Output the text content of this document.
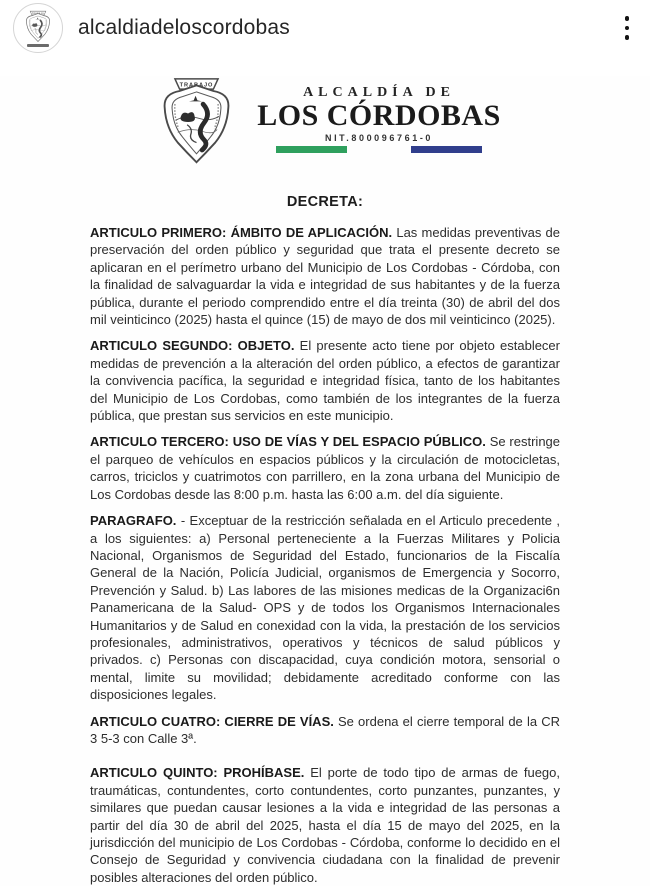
alcaldiadeloscordobas
ALCALDÍA DE
LOS CÓRDOBAS
NIT.800096761-0
DECRETA:

ARTICULO PRIMERO: ÁMBITO DE APLICACIÓN. Las medidas preventivas de preservación del orden público y seguridad que trata el presente decreto se aplicaran en el perímetro urbano del Municipio de Los Cordobas - Córdoba, con la finalidad de salvaguardar la vida e integridad de sus habitantes y de la fuerza pública, durante el periodo comprendido entre el día treinta (30) de abril del dos mil veinticinco (2025) hasta el quince (15) de mayo de dos mil veinticinco (2025).

ARTICULO SEGUNDO: OBJETO. El presente acto tiene por objeto establecer medidas de prevención a la alteración del orden público, a efectos de garantizar la convivencia pacífica, la seguridad e integridad física, tanto de los habitantes del Municipio de Los Cordobas, como también de los integrantes de la fuerza pública, que prestan sus servicios en este municipio.

ARTICULO TERCERO: USO DE VÍAS Y DEL ESPACIO PÚBLICO. Se restringe el parqueo de vehículos en espacios públicos y la circulación de motocicletas, carros, triciclos y cuatrimotos con parrillero, en la zona urbana del Municipio de Los Cordobas desde las 8:00 p.m. hasta las 6:00 a.m. del día siguiente.

PARAGRAFO. - Exceptuar de la restricción señalada en el Articulo precedente , a los siguientes: a) Personal perteneciente a la Fuerzas Militares y Policia Nacional, Organismos de Seguridad del Estado, funcionarios de la Fiscalía General de la Nación, Policía Judicial, organismos de Emergencia y Socorro, Prevención y Salud. b) Las labores de las misiones medicas de la Organizaci6n Panamericana de la Salud- OPS y de todos los Organismos Internacionales Humanitarios y de Salud en conexidad con la vida, la prestación de los servicios profesionales, administrativos, operativos y técnicos de salud públicos y privados. c) Personas con discapacidad, cuya condición motora, sensorial o mental, limite su movilidad; debidamente acreditado conforme con las disposiciones legales.

ARTICULO CUATRO: CIERRE DE VÍAS. Se ordena el cierre temporal de la CR 3 5-3 con Calle 3ª.

ARTICULO QUINTO: PROHÍBASE. El porte de todo tipo de armas de fuego, traumáticas, contundentes, corto contundentes, corto punzantes, punzantes, y similares que puedan causar lesiones a la vida e integridad de las personas a partir del día 30 de abril del 2025, hasta el día 15 de mayo del 2025, en la jurisdicción del municipio de Los Cordobas - Córdoba, conforme lo decidido en el Consejo de Seguridad y convivencia ciudadana con la finalidad de prevenir posibles alteraciones del orden público.
